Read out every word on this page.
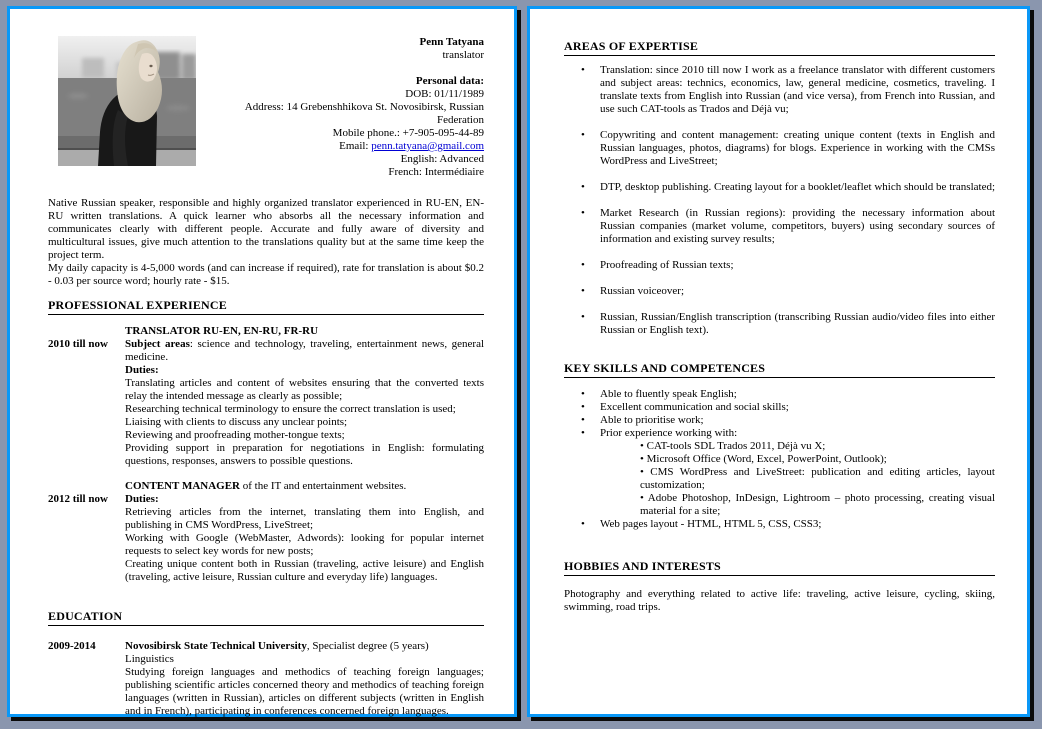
Penn Tatyana
translator
Personal data:
DOB: 01/11/1989
Address: 14 Grebenshhikova St. Novosibirsk, Russian Federation
Mobile phone.: +7-905-095-44-89
Email: penn.tatyana@gmail.com
English: Advanced
French: Intermédiaire

Native Russian speaker, responsible and highly organized translator experienced in RU-EN, EN-RU written translations. A quick learner who absorbs all the necessary information and communicates clearly with different people. Accurate and fully aware of diversity and multicultural issues, give much attention to the translations quality but at the same time keep the project term.

My daily capacity is 4-5,000 words (and can increase if required), rate for translation is about $0.2 - 0.03 per source word; hourly rate - $15.

PROFESSIONAL EXPERIENCE
2010 till now
TRANSLATOR RU-EN, EN-RU, FR-RU
Subject areas: science and technology, traveling, entertainment news, general medicine.
Duties:
Translating articles and content of websites ensuring that the converted texts relay the intended message as clearly as possible;
Researching technical terminology to ensure the correct translation is used;
Liaising with clients to discuss any unclear points;
Reviewing and proofreading mother-tongue texts;
Providing support in preparation for negotiations in English: formulating questions, responses, answers to possible questions.
2012 till now
CONTENT MANAGER of the IT and entertainment websites.
Duties:
Retrieving articles from the internet, translating them into English, and publishing in CMS WordPress, LiveStreet;
Working with Google (WebMaster, Adwords): looking for popular internet requests to select key words for new posts;
Creating unique content both in Russian (traveling, active leisure) and English (traveling, active leisure, Russian culture and everyday life) languages.
EDUCATION
2009-2014	Novosibirsk State Technical University, Specialist degree (5 years)
Linguistics
Studying foreign languages and methodics of teaching foreign languages; publishing scientific articles concerned theory and methodics of teaching foreign languages (written in Russian), articles on different subjects (written in English and in French), participating in conferences concerned foreign languages.
AREAS OF EXPERTISE
• Translation: since 2010 till now I work as a freelance translator with different customers and subject areas: technics, economics, law, general medicine, cosmetics, traveling. I translate texts from English into Russian (and vice versa), from French into Russian, and use such CAT-tools as Trados and Déjà vu;
• Copywriting and content management: creating unique content (texts in English and Russian languages, photos, diagrams) for blogs. Experience in working with the CMSs WordPress and LiveStreet;
• DTP, desktop publishing. Creating layout for a booklet/leaflet which should be translated;
• Market Research (in Russian regions): providing the necessary information about Russian companies (market volume, competitors, buyers) using secondary sources of information and existing survey results;
• Proofreading of Russian texts;
• Russian voiceover;
• Russian, Russian/English transcription (transcribing Russian audio/video files into either Russian or English text).
KEY SKILLS AND COMPETENCES
• Able to fluently speak English;
• Excellent communication and social skills;
• Able to prioritise work;
• Prior experience working with:
• CAT-tools SDL Trados 2011, Déjà vu X;
• Microsoft Office (Word, Excel, PowerPoint, Outlook);
• CMS WordPress and LiveStreet: publication and editing articles, layout customization;
• Adobe Photoshop, InDesign, Lightroom – photo processing, creating visual material for a site;
• Web pages layout - HTML, HTML 5, CSS, CSS3;
HOBBIES AND INTERESTS

Photography and everything related to active life: traveling, active leisure, cycling, skiing, swimming, road trips.
